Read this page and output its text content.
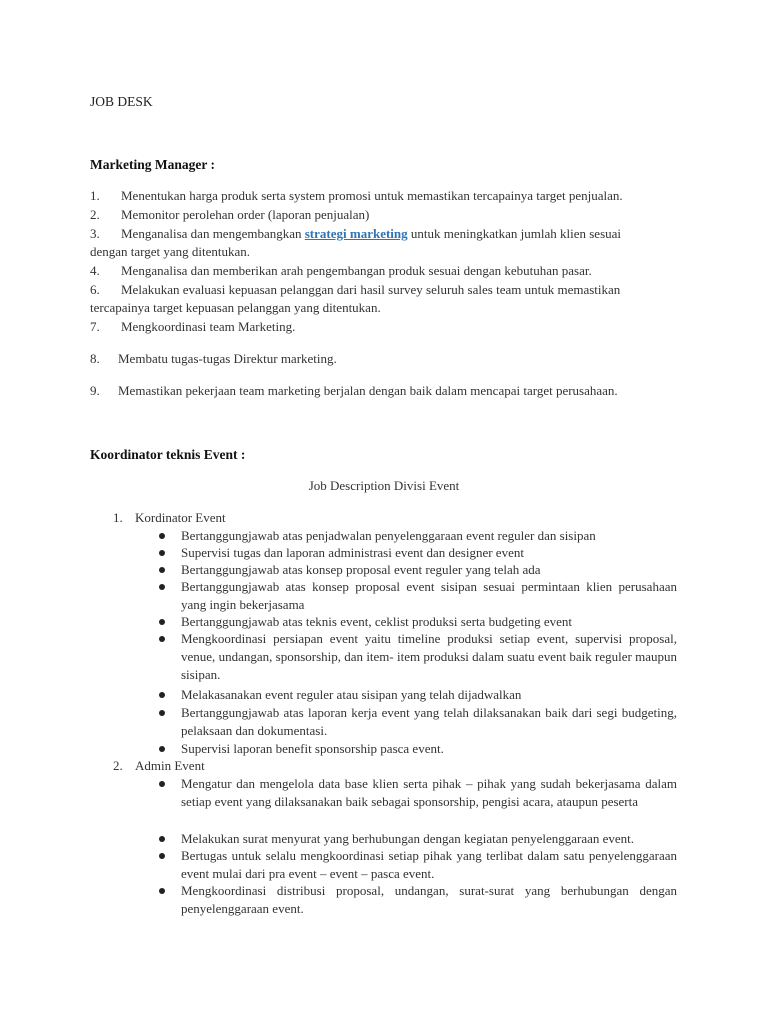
JOB DESK
Marketing Manager :
1. Menentukan harga produk serta system promosi untuk memastikan tercapainya target penjualan.
2. Memonitor perolehan order (laporan penjualan)
3. Menganalisa dan mengembangkan strategi marketing untuk meningkatkan jumlah klien sesuai
dengan target yang ditentukan.
4. Menganalisa dan memberikan arah pengembangan produk sesuai dengan kebutuhan pasar.
6. Melakukan evaluasi kepuasan pelanggan dari hasil survey seluruh sales team untuk memastikan
tercapainya target kepuasan pelanggan yang ditentukan.
7. Mengkoordinasi team Marketing.
8. Membatu tugas-tugas Direktur marketing.
9. Memastikan pekerjaan team marketing berjalan dengan baik dalam mencapai target perusahaan.
Koordinator teknis Event :
Job Description Divisi Event
1. Kordinator Event
Bertanggungjawab atas penjadwalan penyelenggaraan event reguler dan sisipan
Supervisi tugas dan laporan administrasi event dan designer event
Bertanggungjawab atas konsep proposal event reguler yang telah ada
Bertanggungjawab atas konsep proposal event sisipan sesuai permintaan klien perusahaan yang ingin bekerjasama
Bertanggungjawab atas teknis event, ceklist produksi serta budgeting event
Mengkoordinasi persiapan event yaitu timeline produksi setiap event, supervisi proposal, venue, undangan, sponsorship, dan item- item produksi dalam suatu event baik reguler maupun sisipan.
Melakasanakan event reguler atau sisipan yang telah dijadwalkan
Bertanggungjawab atas laporan kerja event yang telah dilaksanakan baik dari segi budgeting, pelaksaan dan dokumentasi.
Supervisi laporan benefit sponsorship pasca event.
2. Admin Event
Mengatur dan mengelola data base klien serta pihak – pihak yang sudah bekerjasama dalam setiap event yang dilaksanakan baik sebagai sponsorship, pengisi acara, ataupun peserta
Melakukan surat menyurat yang berhubungan dengan kegiatan penyelenggaraan event.
Bertugas untuk selalu mengkoordinasi setiap pihak yang terlibat dalam satu penyelenggaraan event mulai dari pra event – event – pasca event.
Mengkoordinasi distribusi proposal, undangan, surat-surat yang berhubungan dengan penyelenggaraan event.
